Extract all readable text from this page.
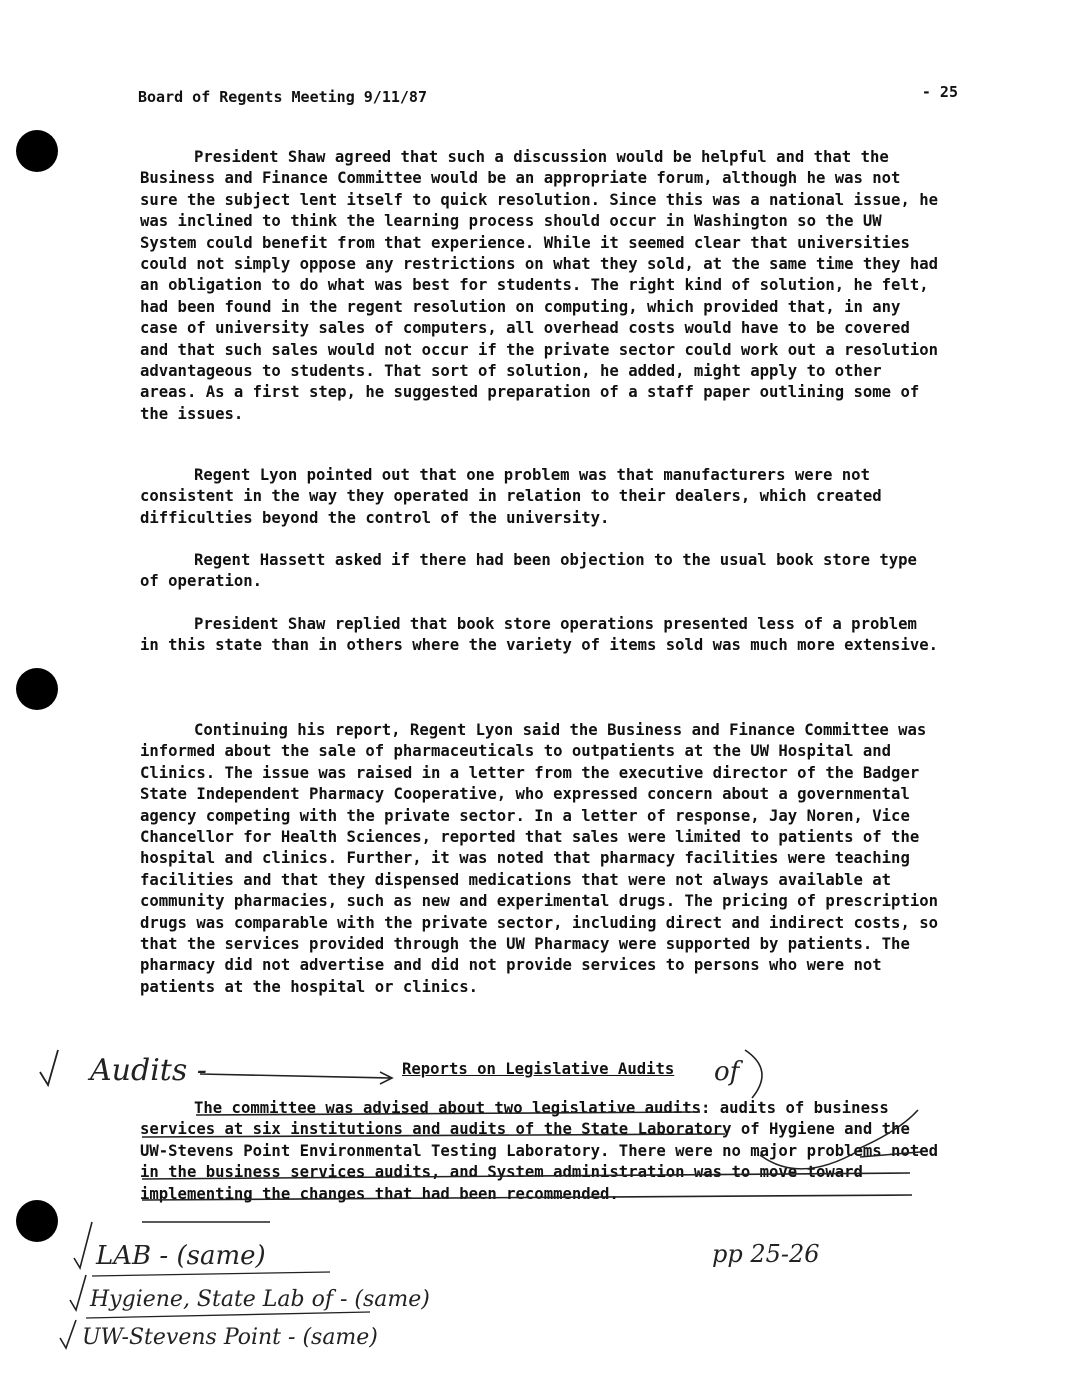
Board of Regents Meeting 9/11/87	- 25

President Shaw agreed that such a discussion would be helpful and that the Business and Finance Committee would be an appropriate forum, although he was not sure the subject lent itself to quick resolution. Since this was a national issue, he was inclined to think the learning process should occur in Washington so the UW System could benefit from that experience. While it seemed clear that universities could not simply oppose any restrictions on what they sold, at the same time they had an obligation to do what was best for students. The right kind of solution, he felt, had been found in the regent resolution on computing, which provided that, in any case of university sales of computers, all overhead costs would have to be covered and that such sales would not occur if the private sector could work out a resolution advantageous to students. That sort of solution, he added, might apply to other areas. As a first step, he suggested preparation of a staff paper outlining some of the issues.

Regent Lyon pointed out that one problem was that manufacturers were not consistent in the way they operated in relation to their dealers, which created difficulties beyond the control of the university.

Regent Hassett asked if there had been objection to the usual book store type of operation.

President Shaw replied that book store operations presented less of a problem in this state than in others where the variety of items sold was much more extensive.

Continuing his report, Regent Lyon said the Business and Finance Committee was informed about the sale of pharmaceuticals to outpatients at the UW Hospital and Clinics. The issue was raised in a letter from the executive director of the Badger State Independent Pharmacy Cooperative, who expressed concern about a governmental agency competing with the private sector. In a letter of response, Jay Noren, Vice Chancellor for Health Sciences, reported that sales were limited to patients of the hospital and clinics. Further, it was noted that pharmacy facilities were teaching facilities and that they dispensed medications that were not always available at community pharmacies, such as new and experimental drugs. The pricing of prescription drugs was comparable with the private sector, including direct and indirect costs, so that the services provided through the UW Pharmacy were supported by patients. The pharmacy did not advertise and did not provide services to persons who were not patients at the hospital or clinics.

Reports on Legislative Audits
The committee was advised about two legislative audits: audits of business services at six institutions and audits of the State Laboratory of Hygiene and the UW-Stevens Point Environmental Testing Laboratory. There were no major problems noted in the business services audits, and System administration was to move toward implementing the changes that had been recommended.
Audits -	of
pp 25-26
LAB - (same)
Hygiene, State Lab of - (same)
UW-Stevens Point - (same)
